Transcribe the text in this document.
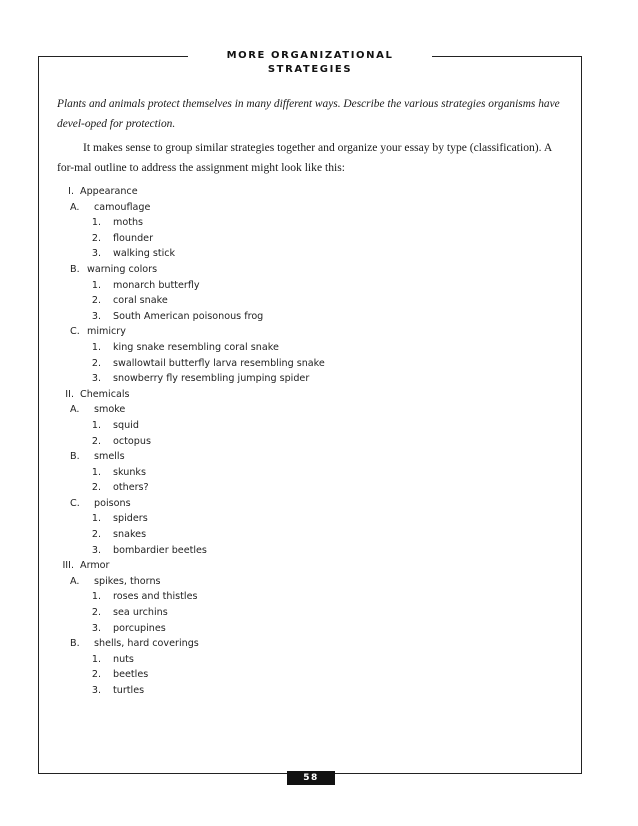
MORE ORGANIZATIONAL STRATEGIES
Plants and animals protect themselves in many different ways. Describe the various strategies organisms have devel-oped for protection.
It makes sense to group similar strategies together and organize your essay by type (classification). A for-mal outline to address the assignment might look like this:
I. Appearance
A.	camouflage
1. moths
2. flounder
3. walking stick
B. warning colors
1. monarch butterfly
2. coral snake
3. South American poisonous frog
C. mimicry
1. king snake resembling coral snake
2. swallowtail butterfly larva resembling snake
3. snowberry fly resembling jumping spider
II. Chemicals
A.	smoke
1. squid
2. octopus
B.	smells
1. skunks
2. others?
C.	poisons
1. spiders
2. snakes
3. bombardier beetles
III. Armor
A.	spikes, thorns
1. roses and thistles
2. sea urchins
3. porcupines
B.	shells, hard coverings
1. nuts
2. beetles
3. turtles
58
